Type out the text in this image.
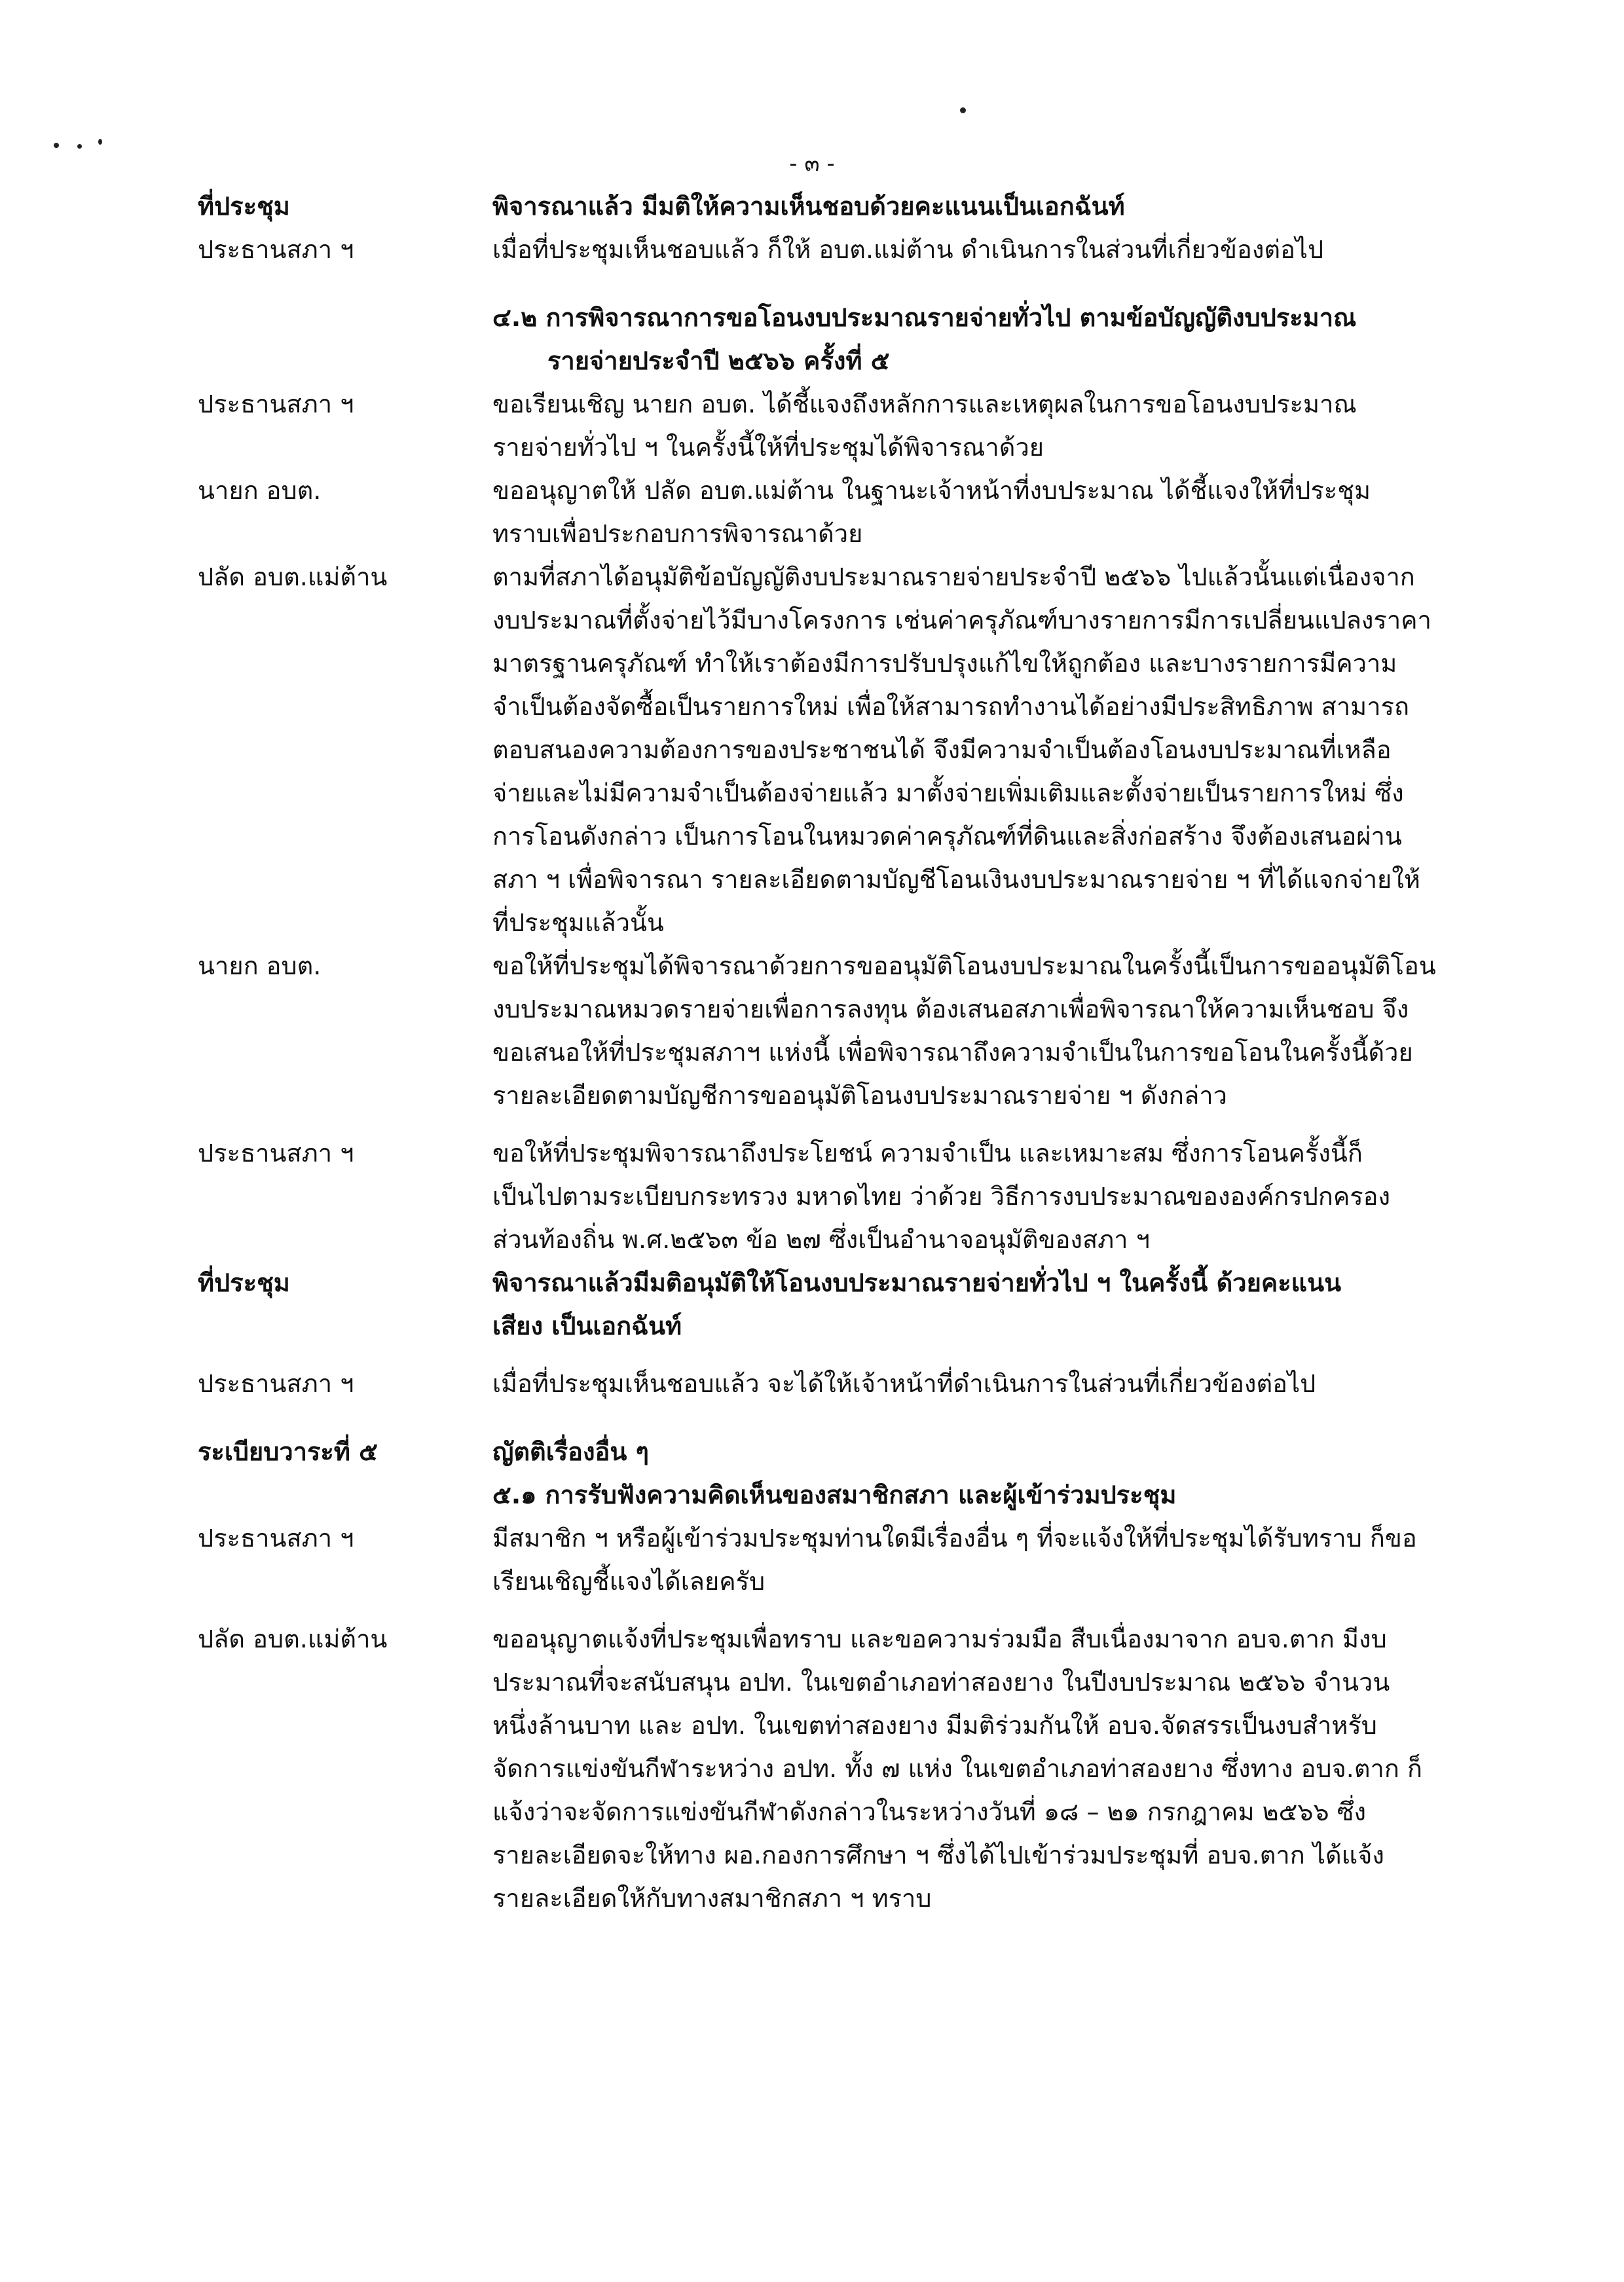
- ๓ -
ที่ประชุม	พิจารณาแล้ว มีมติให้ความเห็นชอบด้วยคะแนนเป็นเอกฉันท์

ประธานสภา ฯ	เมื่อที่ประชุมเห็นชอบแล้ว ก็ให้ อบต.แม่ต้าน ดำเนินการในส่วนที่เกี่ยวข้องต่อไป

๔.๒ การพิจารณาการขอโอนงบประมาณรายจ่ายทั่วไป ตามข้อบัญญัติงบประมาณ
รายจ่ายประจำปี ๒๕๖๖ ครั้งที่ ๕
ประธานสภา ฯ	ขอเรียนเชิญ นายก อบต. ได้ชี้แจงถึงหลักการและเหตุผลในการขอโอนงบประมาณ

รายจ่ายทั่วไป ฯ ในครั้งนี้ให้ที่ประชุมได้พิจารณาด้วย

นายก อบต.	ขออนุญาตให้ ปลัด อบต.แม่ต้าน ในฐานะเจ้าหน้าที่งบประมาณ ได้ชี้แจงให้ที่ประชุม

ทราบเพื่อประกอบการพิจารณาด้วย

ปลัด อบต.แม่ต้าน	ตามที่สภาได้อนุมัติข้อบัญญัติงบประมาณรายจ่ายประจำปี ๒๕๖๖ ไปแล้วนั้นแต่เนื่องจาก

งบประมาณที่ตั้งจ่ายไว้มีบางโครงการ เช่นค่าครุภัณฑ์บางรายการมีการเปลี่ยนแปลงราคา

มาตรฐานครุภัณฑ์ ทำให้เราต้องมีการปรับปรุงแก้ไขให้ถูกต้อง และบางรายการมีความ

จำเป็นต้องจัดซื้อเป็นรายการใหม่ เพื่อให้สามารถทำงานได้อย่างมีประสิทธิภาพ สามารถ

ตอบสนองความต้องการของประชาชนได้ จึงมีความจำเป็นต้องโอนงบประมาณที่เหลือ

จ่ายและไม่มีความจำเป็นต้องจ่ายแล้ว มาตั้งจ่ายเพิ่มเติมและตั้งจ่ายเป็นรายการใหม่ ซึ่ง

การโอนดังกล่าว เป็นการโอนในหมวดค่าครุภัณฑ์ที่ดินและสิ่งก่อสร้าง จึงต้องเสนอผ่าน

สภา ฯ เพื่อพิจารณา รายละเอียดตามบัญชีโอนเงินงบประมาณรายจ่าย ฯ ที่ได้แจกจ่ายให้

ที่ประชุมแล้วนั้น

นายก อบต.	ขอให้ที่ประชุมได้พิจารณาด้วยการขออนุมัติโอนงบประมาณในครั้งนี้เป็นการขออนุมัติโอน

งบประมาณหมวดรายจ่ายเพื่อการลงทุน ต้องเสนอสภาเพื่อพิจารณาให้ความเห็นชอบ จึง

ขอเสนอให้ที่ประชุมสภาฯ แห่งนี้ เพื่อพิจารณาถึงความจำเป็นในการขอโอนในครั้งนี้ด้วย

รายละเอียดตามบัญชีการขออนุมัติโอนงบประมาณรายจ่าย ฯ ดังกล่าว

ประธานสภา ฯ	ขอให้ที่ประชุมพิจารณาถึงประโยชน์ ความจำเป็น และเหมาะสม ซึ่งการโอนครั้งนี้ก็

เป็นไปตามระเบียบกระทรวง มหาดไทย ว่าด้วย วิธีการงบประมาณขององค์กรปกครอง

ส่วนท้องถิ่น พ.ศ.๒๕๖๓ ข้อ ๒๗ ซึ่งเป็นอำนาจอนุมัติของสภา ฯ

ที่ประชุม	พิจารณาแล้วมีมติอนุมัติให้โอนงบประมาณรายจ่ายทั่วไป ฯ ในครั้งนี้ ด้วยคะแนน

เสียง เป็นเอกฉันท์

ประธานสภา ฯ	เมื่อที่ประชุมเห็นชอบแล้ว จะได้ให้เจ้าหน้าที่ดำเนินการในส่วนที่เกี่ยวข้องต่อไป

ระเบียบวาระที่ ๕	ญัตติเรื่องอื่น ๆ

๕.๑ การรับฟังความคิดเห็นของสมาชิกสภา และผู้เข้าร่วมประชุม

ประธานสภา ฯ	มีสมาชิก ฯ หรือผู้เข้าร่วมประชุมท่านใดมีเรื่องอื่น ๆ ที่จะแจ้งให้ที่ประชุมได้รับทราบ ก็ขอ

เรียนเชิญชี้แจงได้เลยครับ

ปลัด อบต.แม่ต้าน	ขออนุญาตแจ้งที่ประชุมเพื่อทราบ และขอความร่วมมือ สืบเนื่องมาจาก อบจ.ตาก มีงบ

ประมาณที่จะสนับสนุน อปท. ในเขตอำเภอท่าสองยาง ในปีงบประมาณ ๒๕๖๖ จำนวน

หนึ่งล้านบาท และ อปท. ในเขตท่าสองยาง มีมติร่วมกันให้ อบจ.จัดสรรเป็นงบสำหรับ

จัดการแข่งขันกีฬาระหว่าง อปท. ทั้ง ๗ แห่ง ในเขตอำเภอท่าสองยาง ซึ่งทาง อบจ.ตาก ก็

แจ้งว่าจะจัดการแข่งขันกีฬาดังกล่าวในระหว่างวันที่ ๑๘ – ๒๑ กรกฎาคม ๒๕๖๖ ซึ่ง

รายละเอียดจะให้ทาง ผอ.กองการศึกษา ฯ ซึ่งได้ไปเข้าร่วมประชุมที่ อบจ.ตาก ได้แจ้ง

รายละเอียดให้กับทางสมาชิกสภา ฯ ทราบ
